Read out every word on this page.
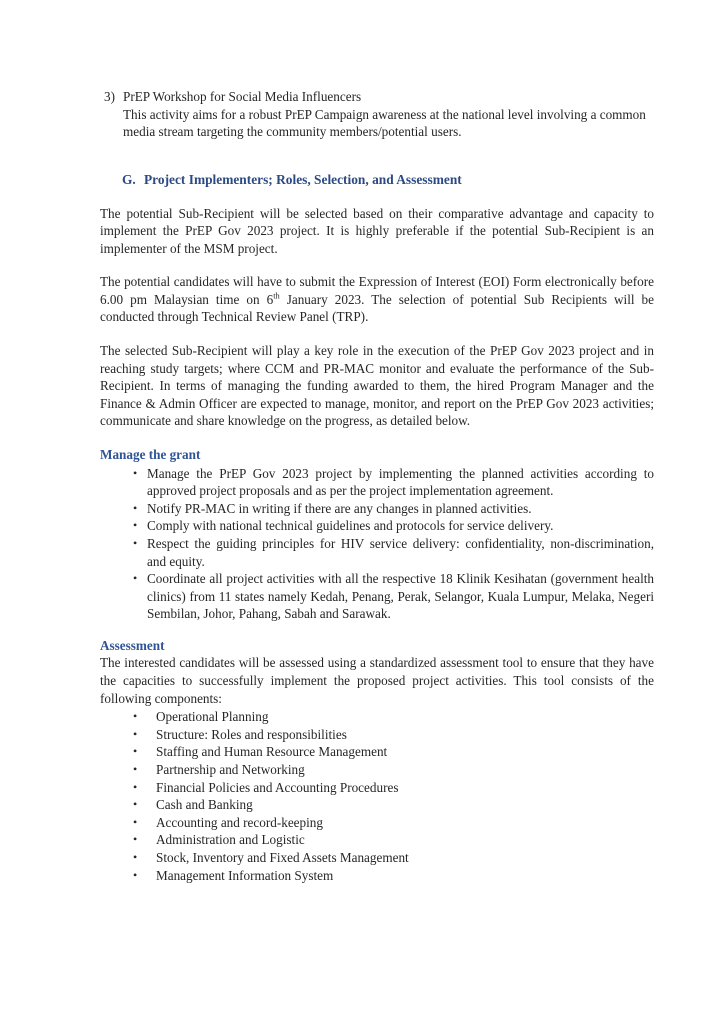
3) PrEP Workshop for Social Media Influencers
This activity aims for a robust PrEP Campaign awareness at the national level involving a common media stream targeting the community members/potential users.
G. Project Implementers; Roles, Selection, and Assessment

The potential Sub-Recipient will be selected based on their comparative advantage and capacity to implement the PrEP Gov 2023 project. It is highly preferable if the potential Sub-Recipient is an implementer of the MSM project.

The potential candidates will have to submit the Expression of Interest (EOI) Form electronically before 6.00 pm Malaysian time on 6th January 2023. The selection of potential Sub Recipients will be conducted through Technical Review Panel (TRP).

The selected Sub-Recipient will play a key role in the execution of the PrEP Gov 2023 project and in reaching study targets; where CCM and PR-MAC monitor and evaluate the performance of the Sub-Recipient. In terms of managing the funding awarded to them, the hired Program Manager and the Finance & Admin Officer are expected to manage, monitor, and report on the PrEP Gov 2023 activities; communicate and share knowledge on the progress, as detailed below.

Manage the grant
• Manage the PrEP Gov 2023 project by implementing the planned activities according to approved project proposals and as per the project implementation agreement.
• Notify PR-MAC in writing if there are any changes in planned activities.
• Comply with national technical guidelines and protocols for service delivery.
• Respect the guiding principles for HIV service delivery: confidentiality, non-discrimination, and equity.
• Coordinate all project activities with all the respective 18 Klinik Kesihatan (government health clinics) from 11 states namely Kedah, Penang, Perak, Selangor, Kuala Lumpur, Melaka, Negeri Sembilan, Johor, Pahang, Sabah and Sarawak.
Assessment

The interested candidates will be assessed using a standardized assessment tool to ensure that they have the capacities to successfully implement the proposed project activities. This tool consists of the following components:

•	Operational Planning
•	Structure: Roles and responsibilities
•	Staffing and Human Resource Management
•	Partnership and Networking
•	Financial Policies and Accounting Procedures
•	Cash and Banking
•	Accounting and record-keeping
•	Administration and Logistic
•	Stock, Inventory and Fixed Assets Management
•	Management Information System
